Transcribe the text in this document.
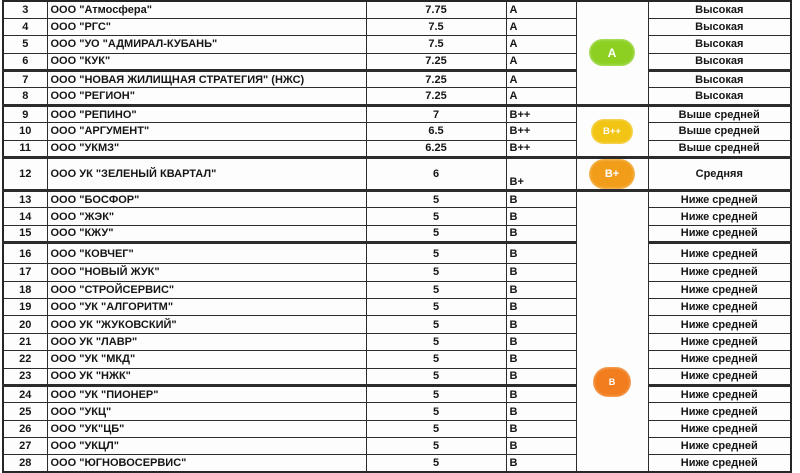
3	ООО "Атмосфера"	7.75	А	А	Высокая
4	ООО "РГС"	7.5	А		Высокая
5	ООО "УО "АДМИРАЛ-КУБАНЬ"	7.5	А		Высокая
6	ООО "КУК"	7.25	А		Высокая
7	ООО "НОВАЯ ЖИЛИЩНАЯ СТРАТЕГИЯ" (НЖС)	7.25	А		Высокая
8	ООО "РЕГИОН"	7.25	А		Высокая
9	ООО "РЕПИНО"	7	В++	В++	Выше средней
10	ООО "АРГУМЕНТ"	6.5	В++		Выше средней
11	ООО "УКМЗ"	6.25	В++		Выше средней
12	ООО УК "ЗЕЛЕНЫЙ КВАРТАЛ"	6	В+	В+	Средняя
13	ООО "БОСФОР"	5	В	В	Ниже средней
14	ООО "ЖЭК"	5	В		Ниже средней
15	ООО "КЖУ"	5	В		Ниже средней
16	ООО "КОВЧЕГ"	5	В		Ниже средней
17	ООО "НОВЫЙ ЖУК"	5	В		Ниже средней
18	ООО "СТРОЙСЕРВИС"	5	В		Ниже средней
19	ООО "УК "АЛГОРИТМ"	5	В		Ниже средней
20	ООО УК "ЖУКОВСКИЙ"	5	В		Ниже средней
21	ООО УК "ЛАВР"	5	В		Ниже средней
22	ООО "УК "МКД"	5	В		Ниже средней
23	ООО УК "НЖК"	5	В		Ниже средней
24	ООО "УК "ПИОНЕР"	5	В		Ниже средней
25	ООО "УКЦ"	5	В		Ниже средней
26	ООО "УК"ЦБ"	5	В		Ниже средней
27	ООО "УКЦЛ"	5	В		Ниже средней
28	ООО "ЮГНОВОСЕРВИС"	5	В		Ниже средней
